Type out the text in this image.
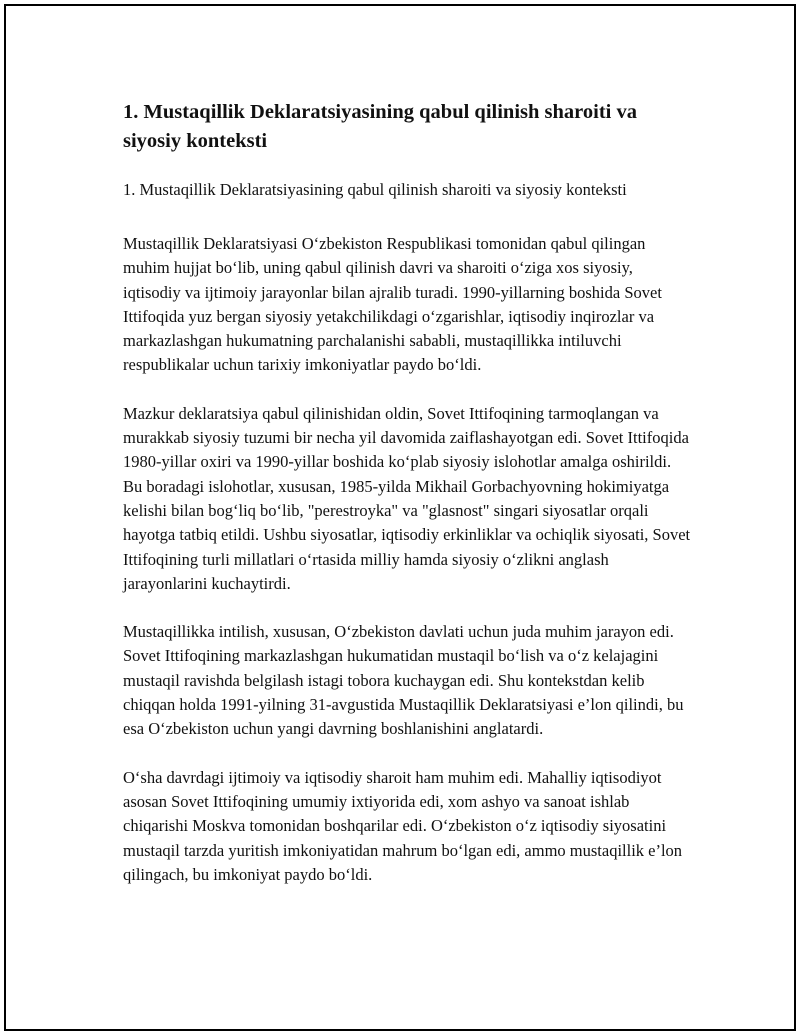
1. Mustaqillik Deklaratsiyasining qabul qilinish sharoiti va siyosiy konteksti

1. Mustaqillik Deklaratsiyasining qabul qilinish sharoiti va siyosiy konteksti

Mustaqillik Deklaratsiyasi O‘zbekiston Respublikasi tomonidan qabul qilingan muhim hujjat bo‘lib, uning qabul qilinish davri va sharoiti o‘ziga xos siyosiy, iqtisodiy va ijtimoiy jarayonlar bilan ajralib turadi. 1990-yillarning boshida Sovet Ittifoqida yuz bergan siyosiy yetakchilikdagi o‘zgarishlar, iqtisodiy inqirozlar va markazlashgan hukumatning parchalanishi sababli, mustaqillikka intiluvchi respublikalar uchun tarixiy imkoniyatlar paydo bo‘ldi.

Mazkur deklaratsiya qabul qilinishidan oldin, Sovet Ittifoqining tarmoqlangan va murakkab siyosiy tuzumi bir necha yil davomida zaiflashayotgan edi. Sovet Ittifoqida 1980-yillar oxiri va 1990-yillar boshida ko‘plab siyosiy islohotlar amalga oshirildi. Bu boradagi islohotlar, xususan, 1985-yilda Mikhail Gorbachyovning hokimiyatga kelishi bilan bog‘liq bo‘lib, "perestroyka" va "glasnost" singari siyosatlar orqali hayotga tatbiq etildi. Ushbu siyosatlar, iqtisodiy erkinliklar va ochiqlik siyosati, Sovet Ittifoqining turli millatlari o‘rtasida milliy hamda siyosiy o‘zlikni anglash jarayonlarini kuchaytirdi.

Mustaqillikka intilish, xususan, O‘zbekiston davlati uchun juda muhim jarayon edi. Sovet Ittifoqining markazlashgan hukumatidan mustaqil bo‘lish va o‘z kelajagini mustaqil ravishda belgilash istagi tobora kuchaygan edi. Shu kontekstdan kelib chiqqan holda 1991-yilning 31-avgustida Mustaqillik Deklaratsiyasi e’lon qilindi, bu esa O‘zbekiston uchun yangi davrning boshlanishini anglatardi.

O‘sha davrdagi ijtimoiy va iqtisodiy sharoit ham muhim edi. Mahalliy iqtisodiyot asosan Sovet Ittifoqining umumiy ixtiyorida edi, xom ashyo va sanoat ishlab chiqarishi Moskva tomonidan boshqarilar edi. O‘zbekiston o‘z iqtisodiy siyosatini mustaqil tarzda yuritish imkoniyatidan mahrum bo‘lgan edi, ammo mustaqillik e’lon qilingach, bu imkoniyat paydo bo‘ldi.
